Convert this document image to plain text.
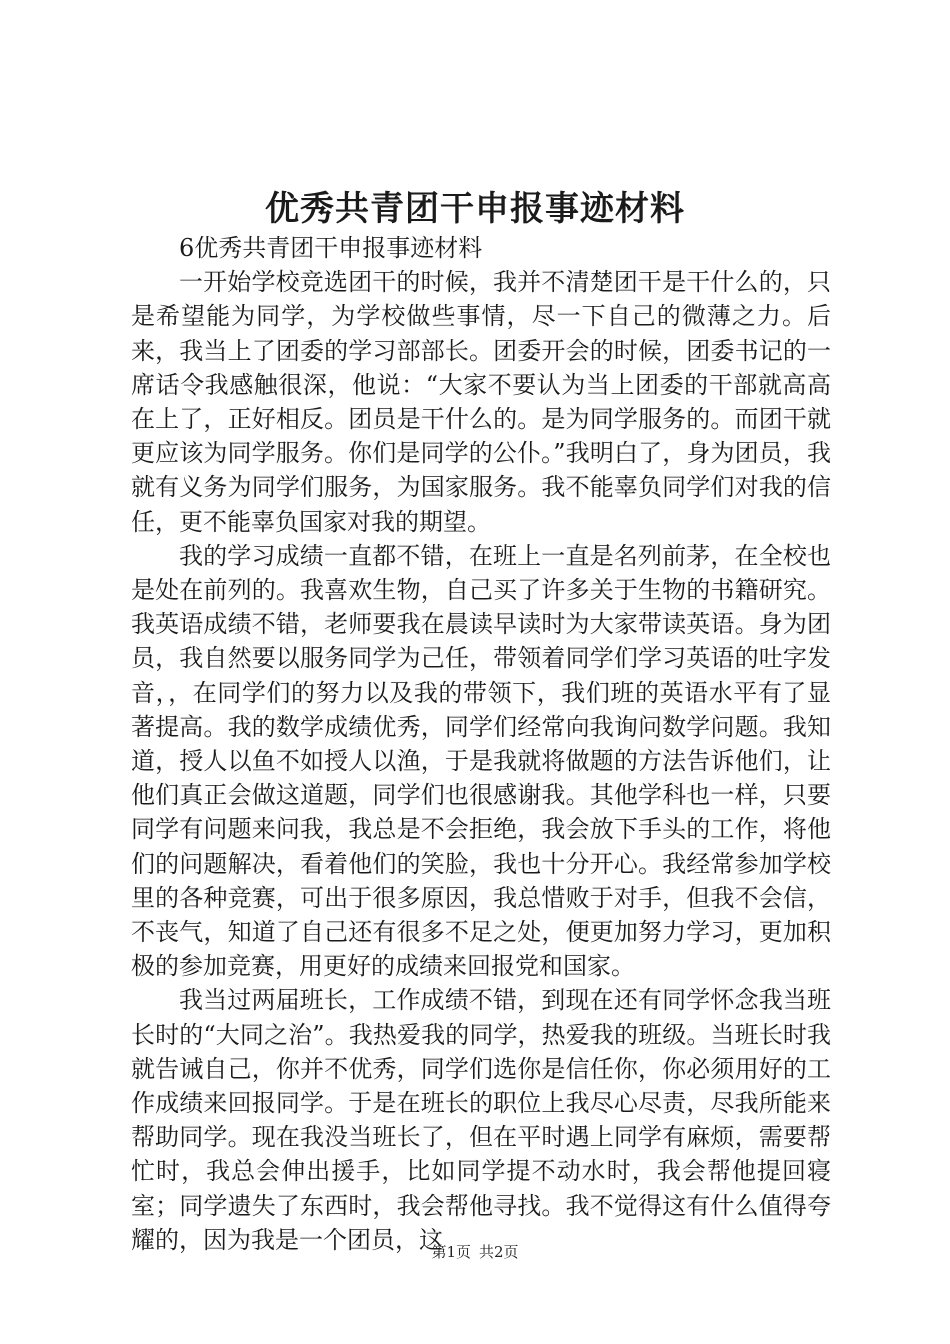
优秀共青团干申报事迹材料

6优秀共青团干申报事迹材料

一开始学校竞选团干的时候，我并不清楚团干是干什么的，只是希望能为同学，为学校做些事情，尽一下自己的微薄之力。后来，我当上了团委的学习部部长。团委开会的时候，团委书记的一席话令我感触很深，他说：“大家不要认为当上团委的干部就高高在上了，正好相反。团员是干什么的。是为同学服务的。而团干就更应该为同学服务。你们是同学的公仆。”我明白了，身为团员，我就有义务为同学们服务，为国家服务。我不能辜负同学们对我的信任，更不能辜负国家对我的期望。

我的学习成绩一直都不错，在班上一直是名列前茅，在全校也是处在前列的。我喜欢生物，自己买了许多关于生物的书籍研究。我英语成绩不错，老师要我在晨读早读时为大家带读英语。身为团员，我自然要以服务同学为己任，带领着同学们学习英语的吐字发音，，在同学们的努力以及我的带领下，我们班的英语水平有了显著提高。我的数学成绩优秀，同学们经常向我询问数学问题。我知道，授人以鱼不如授人以渔，于是我就将做题的方法告诉他们，让他们真正会做这道题，同学们也很感谢我。其他学科也一样，只要同学有问题来问我，我总是不会拒绝，我会放下手头的工作，将他们的问题解决，看着他们的笑脸，我也十分开心。我经常参加学校里的各种竞赛，可出于很多原因，我总惜败于对手，但我不会信，不丧气，知道了自己还有很多不足之处，便更加努力学习，更加积极的参加竞赛，用更好的成绩来回报党和国家。

我当过两届班长，工作成绩不错，到现在还有同学怀念我当班长时的“大同之治”。我热爱我的同学，热爱我的班级。当班长时我就告诫自己，你并不优秀，同学们选你是信任你，你必须用好的工作成绩来回报同学。于是在班长的职位上我尽心尽责，尽我所能来帮助同学。现在我没当班长了，但在平时遇上同学有麻烦，需要帮忙时，我总会伸出援手，比如同学提不动水时，我会帮他提回寝室；同学遗失了东西时，我会帮他寻找。我不觉得这有什么值得夸耀的，因为我是一个团员，这

第1页 共2页
